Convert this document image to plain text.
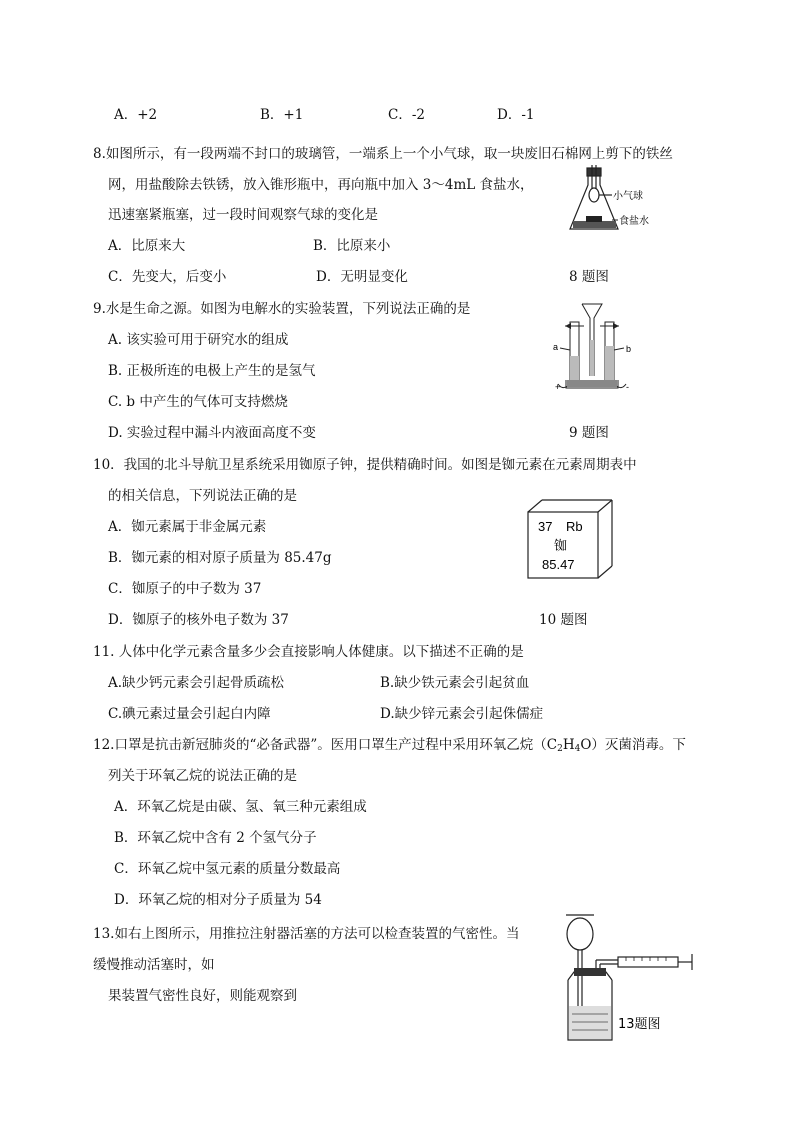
A．+2	B．+1	C．-2	D．-1
8.如图所示，有一段两端不封口的玻璃管，一端系上一个小气球，取一块废旧石棉网上剪下的铁丝
网，用盐酸除去铁锈，放入锥形瓶中，再向瓶中加入 3～4mL 食盐水，
迅速塞紧瓶塞，过一段时间观察气球的变化是
A．比原来大	B．比原来小
C．先变大，后变小	D．无明显变化	8 题图
小气球
食盐水
9.水是生命之源。如图为电解水的实验装置，下列说法正确的是
A. 该实验可用于研究水的组成
B. 正极所连的电极上产生的是氢气
C. b 中产生的气体可支持燃烧
D. 实验过程中漏斗内液面高度不变	9 题图
a	b
+	-
10．我国的北斗导航卫星系统采用铷原子钟，提供精确时间。如图是铷元素在元素周期表中
的相关信息，下列说法正确的是
A．铷元素属于非金属元素
B．铷元素的相对原子质量为 85.47g
C．铷原子的中子数为 37
D．铷原子的核外电子数为 37	10 题图
37 Rb
铷
85.47
11. 人体中化学元素含量多少会直接影响人体健康。以下描述不正确的是
A.缺少钙元素会引起骨质疏松	B.缺少铁元素会引起贫血
C.碘元素过量会引起白内障	D.缺少锌元素会引起侏儒症
12.口罩是抗击新冠肺炎的“必备武器”。医用口罩生产过程中采用环氧乙烷$(C_2H_4O)$灭菌消毒。下
列关于环氧乙烷的说法正确的是
A．环氧乙烷是由碳、氢、氧三种元素组成
B．环氧乙烷中含有 2 个氢气分子
C．环氧乙烷中氢元素的质量分数最高
D．环氧乙烷的相对分子质量为 54
13.如右上图所示，用推拉注射器活塞的方法可以检查装置的气密性。当
缓慢推动活塞时，如
果装置气密性良好，则能观察到
13题图
